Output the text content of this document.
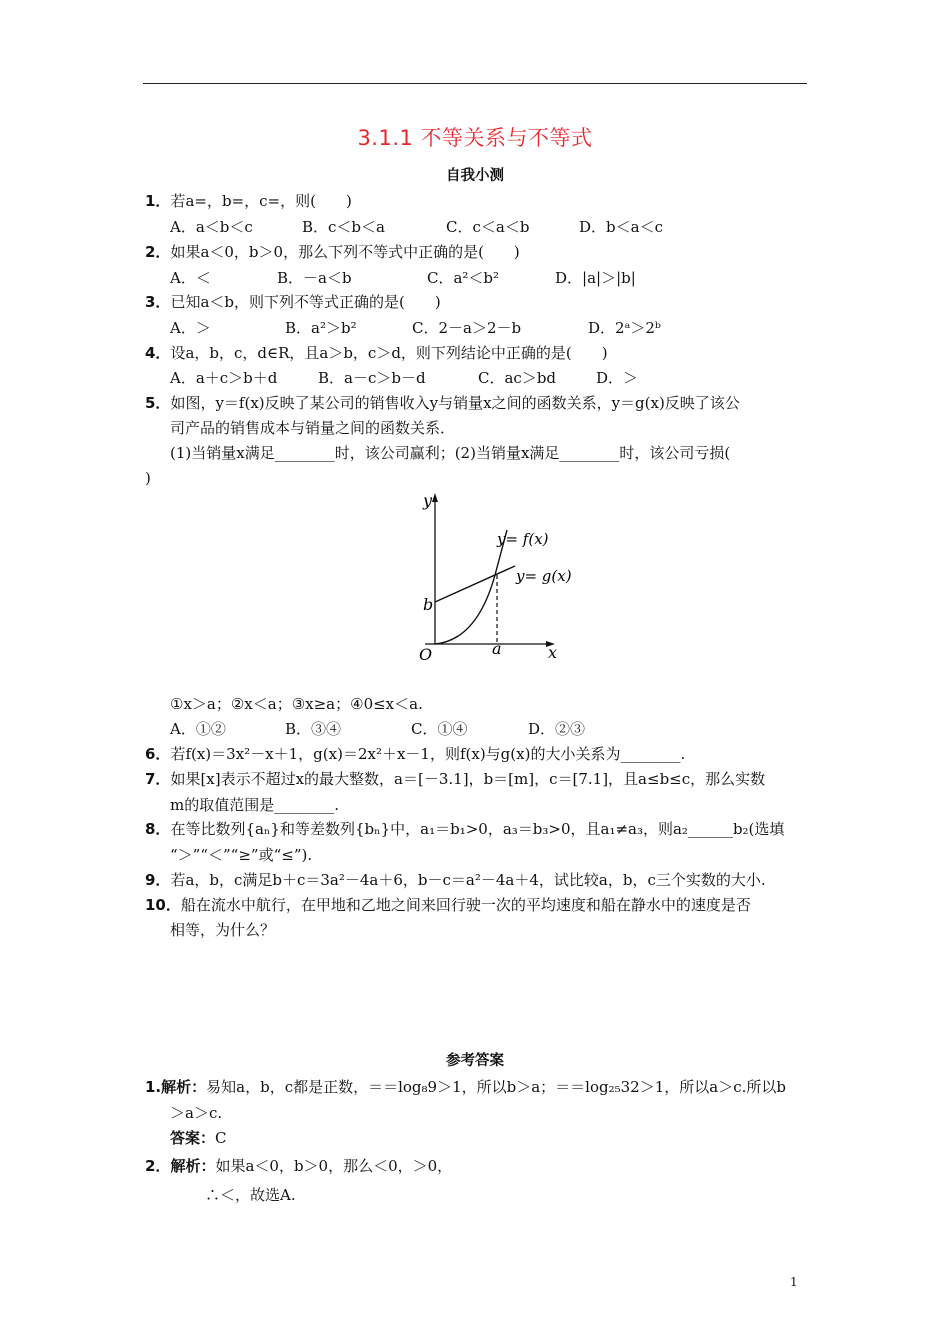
3.1.1 不等关系与不等式
自我小测
1．若a=，b=，c=，则(　　)
A．a＜b＜c	B．c＜b＜a	C．c＜a＜b	D．b＜a＜c
2．如果a＜0，b＞0，那么下列不等式中正确的是(　　)
A．＜	B．－a＜b	C．a²＜b²	D．|a|＞|b|
3．已知a＜b，则下列不等式正确的是(　　)
A．＞	B．a²＞b²	C．2－a＞2－b	D．2ᵃ＞2ᵇ
4．设a，b，c，d∈R，且a＞b，c＞d，则下列结论中正确的是(　　)
A．a＋c＞b＋d	B．a－c＞b－d	C．ac＞bd	D．＞
5．如图，y＝f(x)反映了某公司的销售收入y与销量x之间的函数关系，y＝g(x)反映了该公
司产品的销售成本与销量之间的函数关系．
(1)当销量x满足________时，该公司赢利；(2)当销量x满足________时，该公司亏损(
)
y
x
O
b
a
y= f(x)
y= g(x)
①x＞a；②x＜a；③x≥a；④0≤x＜a.
A．①②	B．③④	C．①④	D．②③
6．若f(x)＝3x²－x＋1，g(x)＝2x²＋x－1，则f(x)与g(x)的大小关系为________.
7．如果[x]表示不超过x的最大整数，a＝[－3.1]，b＝[m]，c＝[7.1]，且a≤b≤c，那么实数
m的取值范围是________.
8．在等比数列{aₙ}和等差数列{bₙ}中，a₁＝b₁>0，a₃＝b₃>0，且a₁≠a₃，则a₂______b₂(选填
“＞”“＜”“≥”或“≤”).
9．若a，b，c满足b＋c＝3a²－4a＋6，b－c＝a²－4a＋4，试比较a，b，c三个实数的大小.
10．船在流水中航行，在甲地和乙地之间来回行驶一次的平均速度和船在静水中的速度是否
相等，为什么？
参考答案
1.解析：易知a，b，c都是正数，＝＝log₈9＞1，所以b＞a；＝＝log₂₅32＞1，所以a＞c.所以b
＞a＞c.
答案：C
2．解析：如果a＜0，b＞0，那么＜0，＞0，
∴＜，故选A.
1
